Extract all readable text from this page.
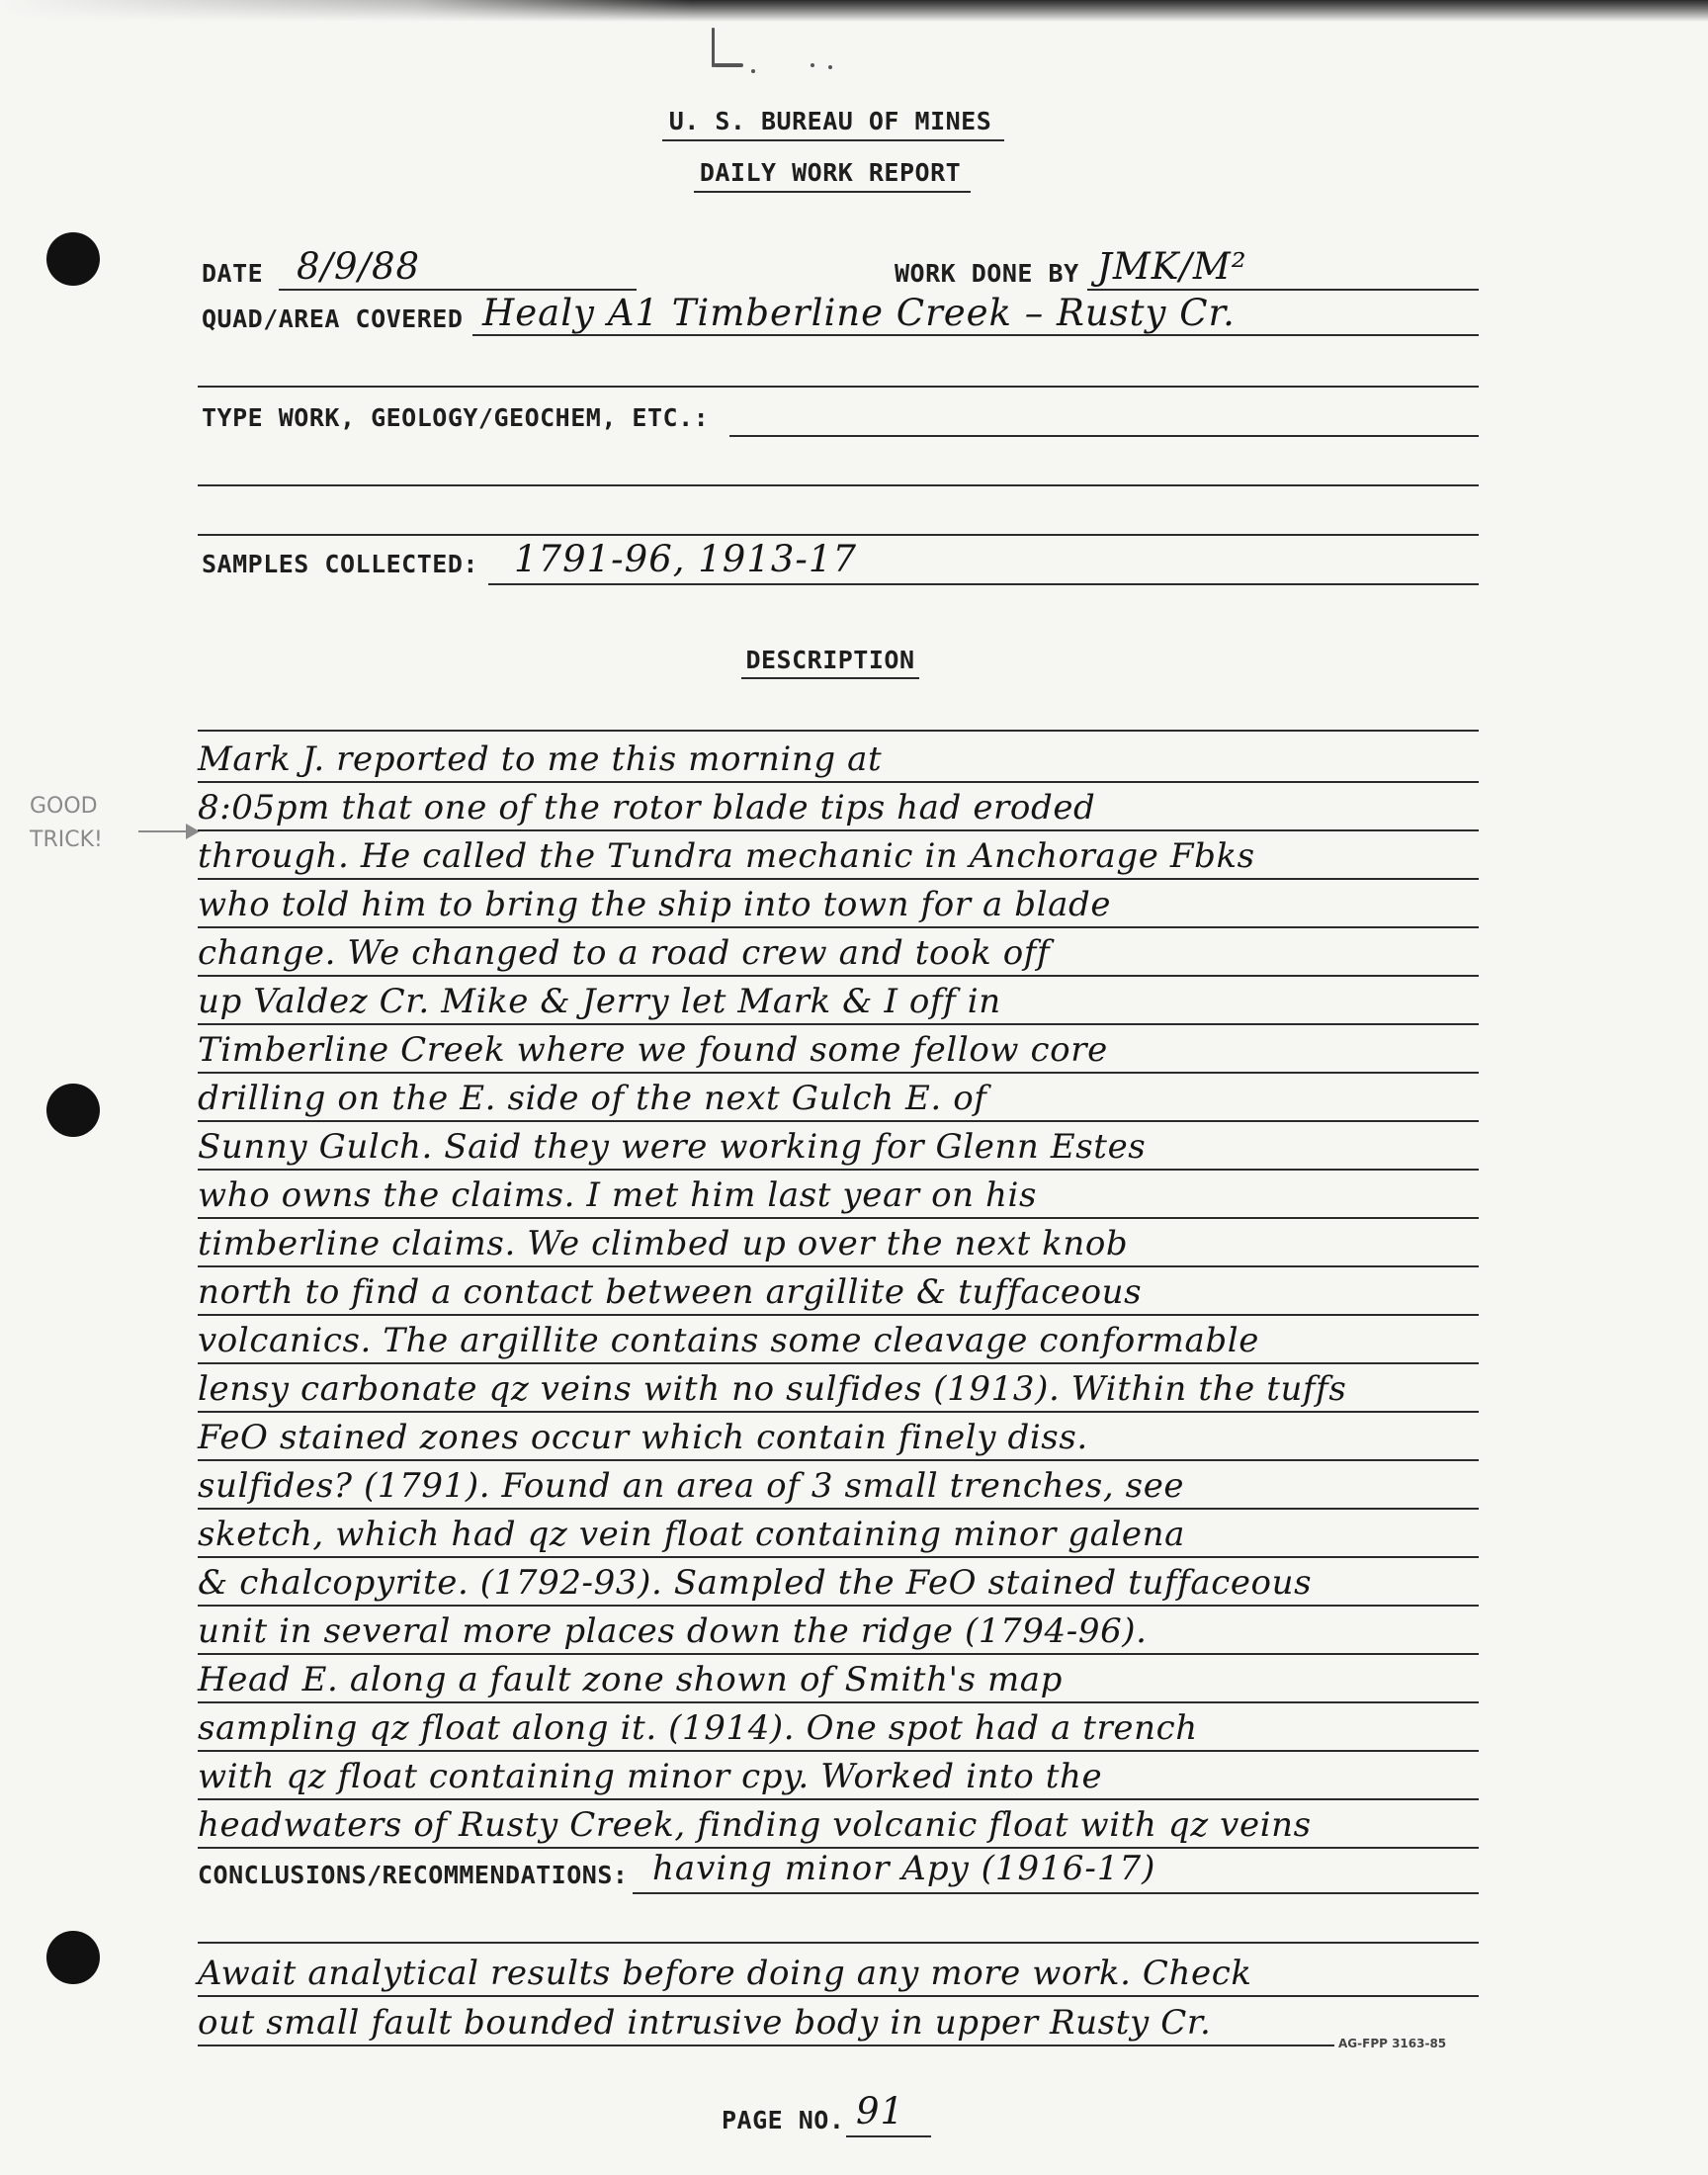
U. S. BUREAU OF MINES
DAILY WORK REPORT
DATE 8/9/88	WORK DONE BY JMK/M²
QUAD/AREA COVERED Healy A1 Timberline Creek – Rusty Cr.
TYPE WORK, GEOLOGY/GEOCHEM, ETC.:
SAMPLES COLLECTED: 1791-96, 1913-17
DESCRIPTION
GOOD
TRICK!
Mark J. reported to me this morning at
8:05pm that one of the rotor blade tips had eroded
through. He called the Tundra mechanic in Anchorage Fbks
who told him to bring the ship into town for a blade
change. We changed to a road crew and took off
up Valdez Cr. Mike & Jerry let Mark & I off in
Timberline Creek where we found some fellow core
drilling on the E. side of the next Gulch E. of
Sunny Gulch. Said they were working for Glenn Estes
who owns the claims. I met him last year on his
timberline claims. We climbed up over the next knob
north to find a contact between argillite & tuffaceous
volcanics. The argillite contains some cleavage conformable
lensy carbonate qz veins with no sulfides (1913). Within the tuffs
FeO stained zones occur which contain finely diss.
sulfides? (1791). Found an area of 3 small trenches, see
sketch, which had qz vein float containing minor galena
& chalcopyrite. (1792-93). Sampled the FeO stained tuffaceous
unit in several more places down the ridge (1794-96).
Head E. along a fault zone shown of Smith's map
sampling qz float along it. (1914). One spot had a trench
with qz float containing minor cpy. Worked into the
headwaters of Rusty Creek, finding volcanic float with qz veins
CONCLUSIONS/RECOMMENDATIONS: having minor Apy (1916-17)
Await analytical results before doing any more work. Check
out small fault bounded intrusive body in upper Rusty Cr.
AG-FPP 3163-85
PAGE NO. 91
